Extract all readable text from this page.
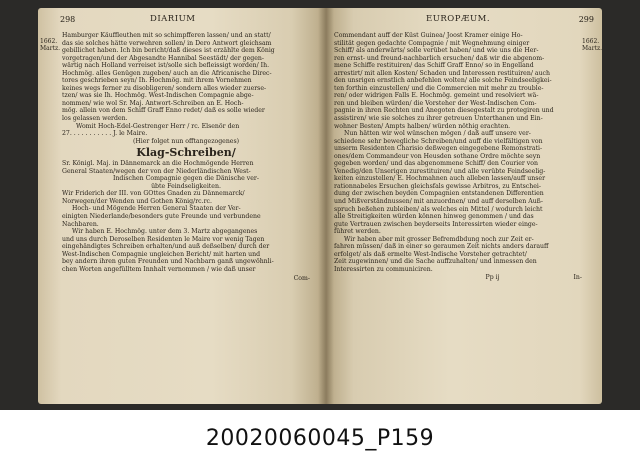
298	DIARIUM
1662. Martz.
Hamburger Käuffleuthen mit so schimpfferen lassen/ und an statt/
das sie solches hätte verwehren sollen/ in Dero Antwort gleichsam
gebillichet haben. Ich bin bericht/daß dieses ist erzählte dem König
vorgetragen/und der Abgesandte Hannibal Seestädt/ der gegen-
wärtig nach Holland verreiset ist/solle sich befleissigt worden/ Ih.
Hochmög. alles Genügen zugeben/ auch an die Africanische Direc-
tores geschrieben seyn/ Ih. Hochmög. mit ihrem Vornehmen
keines wegs ferner zu disobligeren/ sondern alles wieder zuerse-
tzen/ was sie Ih. Hochmög. West-Indischen Compagnie abge-
nommen/ wie wol Sr. Maj. Antwort-Schreiben an E. Hoch-
mög. allein von dem Schiff Graff Enno redet/ daß es solle wieder
los gelassen werden.
Womit Hoch-Edel-Gestrenger Herr / rc. Elsenör den
27. . . . . . . . . . . J. le Maire.
(Hier folget nun offtangezogenes)
Klag-Schreiben/
Sr. Königl. Maj. in Dännemarck an die Hochmögende Herren
General Staaten/wegen der von der Niederländischen West-
Indischen Compagnie gegen die Dänische ver-
übte Feindseligkeiten.
Wir Friderich der III. von GOttes Gnaden zu Dännemarck/
Norwegen/der Wenden und Gothen König/rc.rc.
Hoch- und Mögende Herren General Staaten der Ver-
einigten Niederlande/besonders gute Freunde und verbundene
Nachbaren.
Wir haben E. Hochmög. unter dem 3. Martz abgegangenes
und uns durch Deroselben Residenten le Maire vor wenig Tagen
eingehändigtes Schreiben erhalten/und auß deßselben/ durch der
West-Indischen Compagnie ungleichen Bericht/ mit harten und
bey andern ihren guten Freunden und Nachbarn ganß ungewöhnli-
chen Worten angefülltem Innhalt vernommen / wie daß unser
Com-
EUROPÆUM.	299
1662. Martz.
Commendant auff der Küst Guinea/ Joost Kramer einige Ho-
stilität gegen gedachte Compagnie / mit Wegnehmung einiger
Schiff/ als anderwärts/ solle verübet haben/ und wie uns die Her-
ren ernst- und freund-nachbarlich ersuchen/ daß wir die abgenom-
mene Schiffe restituiren/ das Schiff Graff Enno/ so in Engelland
arrestirt/ mit allen Kosten/ Schaden und Interessen restituiren/ auch
den unsrigen ernstlich anbefehlen wolten/ alle solche Feindseeligkei-
ten forthin einzustellen/ und die Commercien mit mehr zu trouble-
ren/ oder widrigen Falls E. Hochmög. gemeint und resolviert wä-
ren und bleiben würden/ die Vorsteher der West-Indischen Com-
pagnie in ihren Rechten und Anegoten diesegestalt zu protegiren und
assistiren/ wie sie solches zu ihrer getreuen Unterthanen und Ein-
wohner Besten/ Ampts halben/ würden nöthig erachten.
Nun hätten wir wol wünschen mögen / daß auff unsere ver-
schiedene sehr bewegliche Schreiben/und auff die vielfältigen von
unserm Residenten Charisio deßwegen eingegebene Remonstrati-
ones/dem Commandeur von Heusden sothane Ordre möchte seyn
gegeben worden/ und das abgenommene Schiff/ den Courier von
Venedig/den Unserigen zurestituiren/ und alle verübte Feindseelig-
keiten einzustellen/ E. Hochmahnen auch alleben lassen/auff unser
rationnabeles Ersuchen gleichsfals gewisse Arbitros, zu Entschei-
dung der zwischen beyden Compagnien entstandenen Differentien
und Mißverständnussen/ mit anzuordnen/ und auff derselben Auß-
spruch beßehen zubleiben/ als welches ein Mittel / wodurch leicht
alle Streitigkeiten würden können hinweg genommen / und das
gute Vertrauen zwischen beyderseits Interessirten wieder einge-
führet werden.
Wir haben aber mit grosser Befremdbdung noch zur Zeit er-
fahren müssen/ daß in einer so geraumen Zeit nichts anders darauff
erfolget/ als daß ermelte West-Indische Vorsteher getrachtet/
Zeit zugewinnen/ und die Sache auffzuhalten/ und inmessen den
Interessirten zu communiciren.
Pp ij	In-
20020060045_P159
